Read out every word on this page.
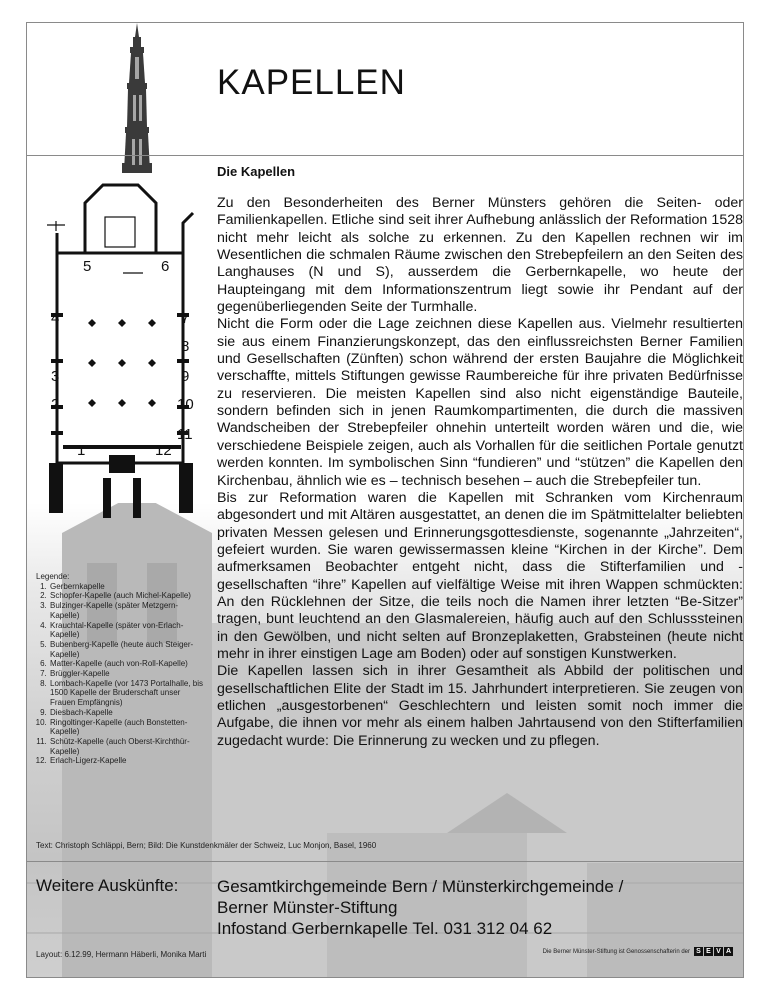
KAPELLEN
Die Kapellen
1
2
3
4
5	6
7
8
9
10
11
12

Zu den Besonderheiten des Berner Münsters gehören die Seiten- oder Familienkapellen. Etliche sind seit ihrer Aufhebung anlässlich der Reformation 1528 nicht mehr leicht als solche zu erkennen. Zu den Kapellen rechnen wir im Wesentlichen die schmalen Räume zwischen den Strebepfeilern an den Seiten des Langhauses (N und S), ausserdem die Gerbernkapelle, wo heute der Haupteingang mit dem Informationszentrum liegt sowie ihr Pendant auf der gegenüberliegenden Seite der Turmhalle.

Nicht die Form oder die Lage zeichnen diese Kapellen aus. Vielmehr resultierten sie aus einem Finanzierungskonzept, das den einflussreichsten Berner Familien und Gesellschaften (Zünften) schon während der ersten Baujahre die Möglichkeit verschaffte, mittels Stiftungen gewisse Raumbereiche für ihre privaten Bedürfnisse zu reservieren. Die meisten Kapellen sind also nicht eigenständige Bauteile, sondern befinden sich in jenen Raumkompartimenten, die durch die massiven Wandscheiben der Strebepfeiler ohnehin unterteilt worden wären und die, wie verschiedene Beispiele zeigen, auch als Vorhallen für die seitlichen Portale genutzt werden konnten. Im symbolischen Sinn “fundieren” und “stützen” die Kapellen den Kirchenbau, ähnlich wie es – technisch besehen – auch die Strebepfeiler tun.

Bis zur Reformation waren die Kapellen mit Schranken vom Kirchenraum abgesondert und mit Altären ausgestattet, an denen die im Spätmittelalter beliebten privaten Messen gelesen und Erinnerungsgottesdienste, sogenannte „Jahrzeiten“, gefeiert wurden. Sie waren gewissermassen kleine “Kirchen in der Kirche”. Dem aufmerksamen Beobachter entgeht nicht, dass die Stifterfamilien und -gesellschaften “ihre” Kapellen auf vielfältige Weise mit ihren Wappen schmückten: An den Rücklehnen der Sitze, die teils noch die Namen ihrer letzten “Be-Sitzer” tragen, bunt leuchtend an den Glasmalereien, häufig auch auf den Schlusssteinen in den Gewölben, und nicht selten auf Bronzeplaketten, Grabsteinen (heute nicht mehr in ihrer einstigen Lage am Boden) oder auf sonstigen Kunstwerken.

Die Kapellen lassen sich in ihrer Gesamtheit als Abbild der politischen und gesellschaftlichen Elite der Stadt im 15. Jahrhundert interpretieren. Sie zeugen von etlichen „ausgestorbenen“ Geschlechtern und leisten somit noch immer die Aufgabe, die ihnen vor mehr als einem halben Jahrtausend von den Stifterfamilien zugedacht wurde: Die Erinnerung zu wecken und zu pflegen.

Legende:
1. Gerbernkapelle
2. Schopfer-Kapelle (auch Michel-Kapelle)
3. Bulzinger-Kapelle (später Metzgern-Kapelle)
4. Krauchtal-Kapelle (später von-Erlach-Kapelle)
5. Bubenberg-Kapelle (heute auch Steiger-Kapelle)
6. Matter-Kapelle (auch von-Roll-Kapelle)
7. Brüggler-Kapelle
8. Lombach-Kapelle (vor 1473 Portalhalle, bis 1500 Kapelle der Bruderschaft unser Frauen Empfängnis)
9. Diesbach-Kapelle
10. Ringoltinger-Kapelle (auch Bonstetten-Kapelle)
11. Schütz-Kapelle (auch Oberst-Kirchthür-Kapelle)
12. Erlach-Ligerz-Kapelle
Text: Christoph Schläppi, Bern; Bild: Die Kunstdenkmäler der Schweiz, Luc Monjon, Basel, 1960
Weitere Auskünfte: Gesamtkirchgemeinde Bern / Münsterkirchgemeinde /
Berner Münster-Stiftung
Infostand Gerbernkapelle Tel. 031 312 04 62
Layout: 6.12.99, Hermann Häberli, Monika Marti	Die Berner Münster-Stiftung ist Genossenschafterin der S E V A
